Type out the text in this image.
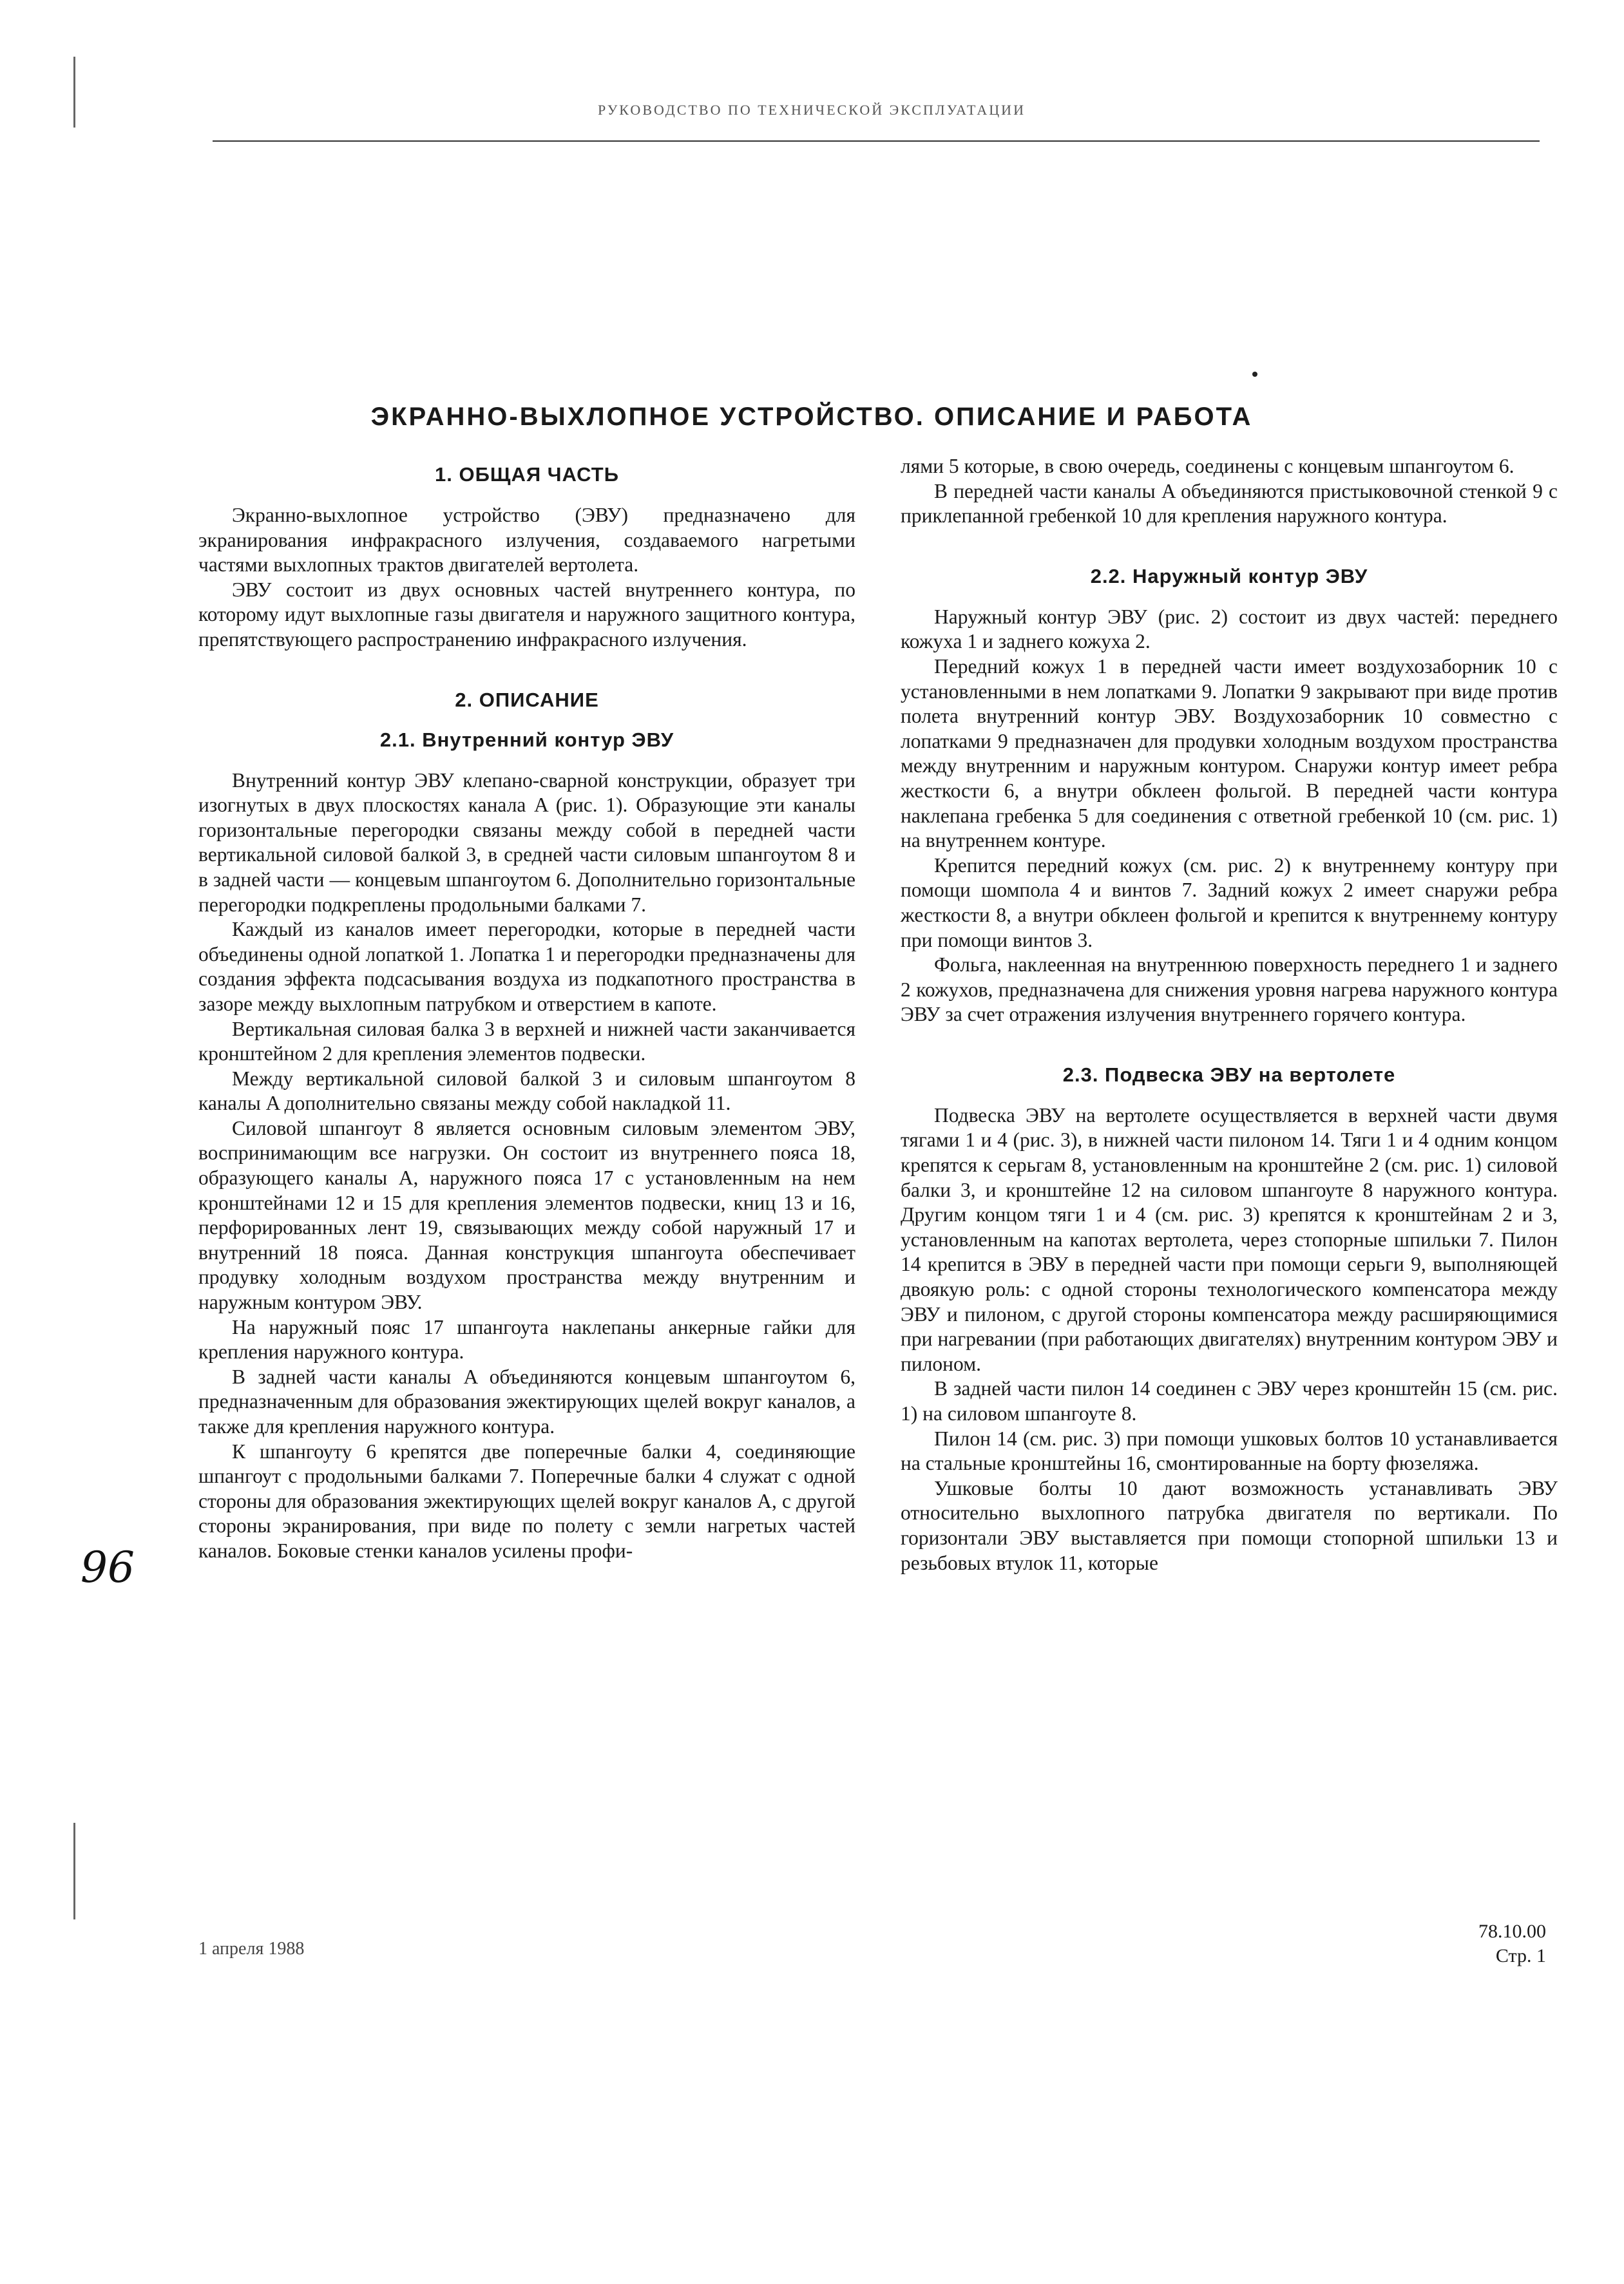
РУКОВОДСТВО ПО ТЕХНИЧЕСКОЙ ЭКСПЛУАТАЦИИ
ЭКРАННО-ВЫХЛОПНОЕ УСТРОЙСТВО. ОПИСАНИЕ И РАБОТА
96
1. ОБЩАЯ ЧАСТЬ

Экранно-выхлопное устройство (ЭВУ) предназначено для экранирования инфракрасного излучения, создаваемого нагретыми частями выхлопных трактов двигателей вертолета.

ЭВУ состоит из двух основных частей внутреннего контура, по которому идут выхлопные газы двигателя и наружного защитного контура, препятствующего распространению инфракрасного излучения.

2. ОПИСАНИЕ
2.1. Внутренний контур ЭВУ

Внутренний контур ЭВУ клепано-сварной конструкции, образует три изогнутых в двух плоскостях канала A (рис. 1). Образующие эти каналы горизонтальные перегородки связаны между собой в передней части вертикальной силовой балкой 3, в средней части силовым шпангоутом 8 и в задней части — концевым шпангоутом 6. Дополнительно горизонтальные перегородки подкреплены продольными балками 7.

Каждый из каналов имеет перегородки, которые в передней части объединены одной лопаткой 1. Лопатка 1 и перегородки предназначены для создания эффекта подсасывания воздуха из подкапотного пространства в зазоре между выхлопным патрубком и отверстием в капоте.

Вертикальная силовая балка 3 в верхней и нижней части заканчивается кронштейном 2 для крепления элементов подвески.

Между вертикальной силовой балкой 3 и силовым шпангоутом 8 каналы A дополнительно связаны между собой накладкой 11.

Силовой шпангоут 8 является основным силовым элементом ЭВУ, воспринимающим все нагрузки. Он состоит из внутреннего пояса 18, образующего каналы A, наружного пояса 17 с установленным на нем кронштейнами 12 и 15 для крепления элементов подвески, книц 13 и 16, перфорированных лент 19, связывающих между собой наружный 17 и внутренний 18 пояса. Данная конструкция шпангоута обеспечивает продувку холодным воздухом пространства между внутренним и наружным контуром ЭВУ.

На наружный пояс 17 шпангоута наклепаны анкерные гайки для крепления наружного контура.

В задней части каналы A объединяются концевым шпангоутом 6, предназначенным для образования эжектирующих щелей вокруг каналов, а также для крепления наружного контура.

К шпангоуту 6 крепятся две поперечные балки 4, соединяющие шпангоут с продольными балками 7. Поперечные балки 4 служат с одной стороны для образования эжектирующих щелей вокруг каналов A, с другой стороны экранирования, при виде по полету с земли нагретых частей каналов. Боковые стенки каналов усилены профи-

лями 5 которые, в свою очередь, соединены с концевым шпангоутом 6.

В передней части каналы A объединяются пристыковочной стенкой 9 с приклепанной гребенкой 10 для крепления наружного контура.

2.2. Наружный контур ЭВУ

Наружный контур ЭВУ (рис. 2) состоит из двух частей: переднего кожуха 1 и заднего кожуха 2.

Передний кожух 1 в передней части имеет воздухозаборник 10 с установленными в нем лопатками 9. Лопатки 9 закрывают при виде против полета внутренний контур ЭВУ. Воздухозаборник 10 совместно с лопатками 9 предназначен для продувки холодным воздухом пространства между внутренним и наружным контуром. Снаружи контур имеет ребра жесткости 6, а внутри обклеен фольгой. В передней части контура наклепана гребенка 5 для соединения с ответной гребенкой 10 (см. рис. 1) на внутреннем контуре.

Крепится передний кожух (см. рис. 2) к внутреннему контуру при помощи шомпола 4 и винтов 7. Задний кожух 2 имеет снаружи ребра жесткости 8, а внутри обклеен фольгой и крепится к внутреннему контуру при помощи винтов 3.

Фольга, наклеенная на внутреннюю поверхность переднего 1 и заднего 2 кожухов, предназначена для снижения уровня нагрева наружного контура ЭВУ за счет отражения излучения внутреннего горячего контура.

2.3. Подвеска ЭВУ на вертолете

Подвеска ЭВУ на вертолете осуществляется в верхней части двумя тягами 1 и 4 (рис. 3), в нижней части пилоном 14. Тяги 1 и 4 одним концом крепятся к серьгам 8, установленным на кронштейне 2 (см. рис. 1) силовой балки 3, и кронштейне 12 на силовом шпангоуте 8 наружного контура. Другим концом тяги 1 и 4 (см. рис. 3) крепятся к кронштейнам 2 и 3, установленным на капотах вертолета, через стопорные шпильки 7. Пилон 14 крепится в ЭВУ в передней части при помощи серьги 9, выполняющей двоякую роль: с одной стороны технологического компенсатора между ЭВУ и пилоном, с другой стороны компенсатора между расширяющимися при нагревании (при работающих двигателях) внутренним контуром ЭВУ и пилоном.

В задней части пилон 14 соединен с ЭВУ через кронштейн 15 (см. рис. 1) на силовом шпангоуте 8.

Пилон 14 (см. рис. 3) при помощи ушковых болтов 10 устанавливается на стальные кронштейны 16, смонтированные на борту фюзеляжа.

Ушковые болты 10 дают возможность устанавливать ЭВУ относительно выхлопного патрубка двигателя по вертикали. По горизонтали ЭВУ выставляется при помощи стопорной шпильки 13 и резьбовых втулок 11, которые

1 апреля 1988
78.10.00
Стр. 1
